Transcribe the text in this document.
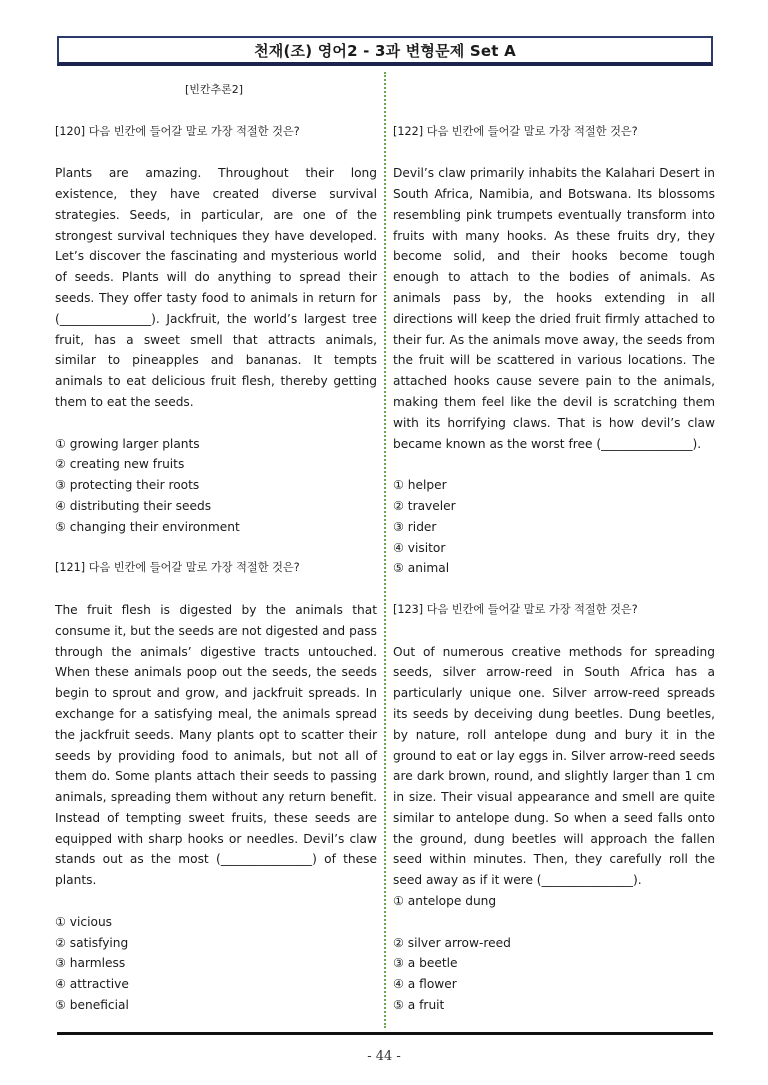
천재(조) 영어2 - 3과 변형문제 Set A

[빈칸추론2]

[120] 다음 빈칸에 들어갈 말로 가장 적절한 것은?

Plants are amazing. Throughout their long existence, they have created diverse survival strategies. Seeds, in particular, are one of the strongest survival techniques they have developed. Let’s discover the fascinating and mysterious world of seeds. Plants will do anything to spread their seeds. They offer tasty food to animals in return for (_______________). Jackfruit, the world’s largest tree fruit, has a sweet smell that attracts animals, similar to pineapples and bananas. It tempts animals to eat delicious fruit flesh, thereby getting them to eat the seeds.

① growing larger plants

② creating new fruits

③ protecting their roots

④ distributing their seeds

⑤ changing their environment

[121] 다음 빈칸에 들어갈 말로 가장 적절한 것은?

The fruit flesh is digested by the animals that consume it, but the seeds are not digested and pass through the animals’ digestive tracts untouched. When these animals poop out the seeds, the seeds begin to sprout and grow, and jackfruit spreads. In exchange for a satisfying meal, the animals spread the jackfruit seeds. Many plants opt to scatter their seeds by providing food to animals, but not all of them do. Some plants attach their seeds to passing animals, spreading them without any return benefit. Instead of tempting sweet fruits, these seeds are equipped with sharp hooks or needles. Devil’s claw stands out as the most (_______________) of these plants.

① vicious

② satisfying

③ harmless

④ attractive

⑤ beneficial

[122] 다음 빈칸에 들어갈 말로 가장 적절한 것은?

Devil’s claw primarily inhabits the Kalahari Desert in South Africa, Namibia, and Botswana. Its blossoms resembling pink trumpets eventually transform into fruits with many hooks. As these fruits dry, they become solid, and their hooks become tough enough to attach to the bodies of animals. As animals pass by, the hooks extending in all directions will keep the dried fruit firmly attached to their fur. As the animals move away, the seeds from the fruit will be scattered in various locations. The attached hooks cause severe pain to the animals, making them feel like the devil is scratching them with its horrifying claws. That is how devil’s claw became known as the worst free (_______________).

① helper

② traveler

③ rider

④ visitor

⑤ animal

[123] 다음 빈칸에 들어갈 말로 가장 적절한 것은?

Out of numerous creative methods for spreading seeds, silver arrow-reed in South Africa has a particularly unique one. Silver arrow-reed spreads its seeds by deceiving dung beetles. Dung beetles, by nature, roll antelope dung and bury it in the ground to eat or lay eggs in. Silver arrow-reed seeds are dark brown, round, and slightly larger than 1 cm in size. Their visual appearance and smell are quite similar to antelope dung. So when a seed falls onto the ground, dung beetles will approach the fallen seed within minutes. Then, they carefully roll the seed away as if it were (_______________).

① antelope dung

② silver arrow-reed

③ a beetle

④ a flower

⑤ a fruit

- 44 -
